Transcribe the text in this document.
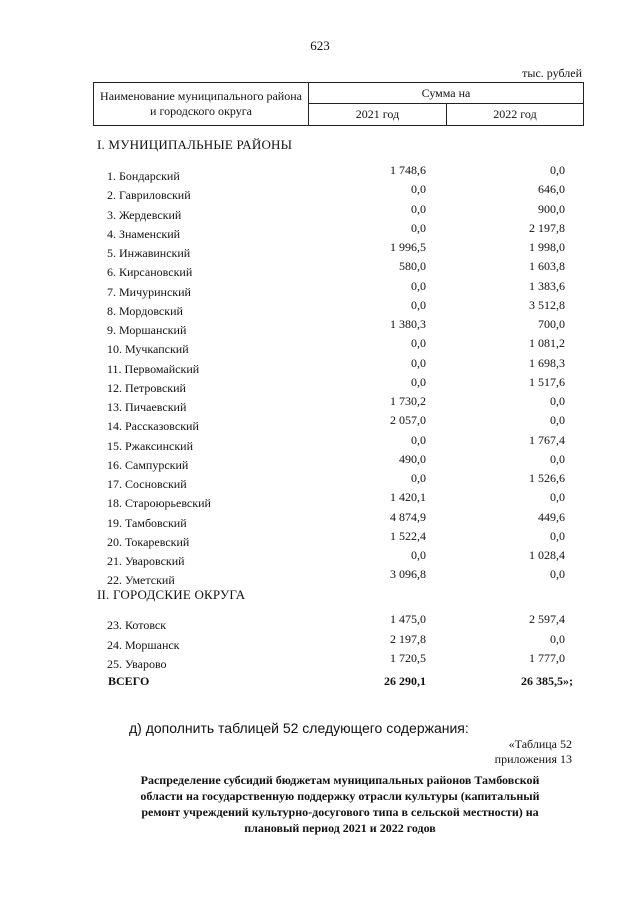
623
тыс. рублей
Наименование муниципального района и городского округа
Сумма на
2021 год	2022 год
I. МУНИЦИПАЛЬНЫЕ РАЙОНЫ
II. ГОРОДСКИЕ ОКРУГА
1. Бондарский	1 748,6	0,0
2. Гавриловский	0,0	646,0
3. Жердевский	0,0	900,0
4. Знаменский	0,0	2 197,8
5. Инжавинский	1 996,5	1 998,0
6. Кирсановский	580,0	1 603,8
7. Мичуринский	0,0	1 383,6
8. Мордовский	0,0	3 512,8
9. Моршанский	1 380,3	700,0
10. Мучкапский	0,0	1 081,2
11. Первомайский	0,0	1 698,3
12. Петровский	0,0	1 517,6
13. Пичаевский	1 730,2	0,0
14. Рассказовский	2 057,0	0,0
15. Ржаксинский	0,0	1 767,4
16. Сампурский	490,0	0,0
17. Сосновский	0,0	1 526,6
18. Староюрьевский	1 420,1	0,0
19. Тамбовский	4 874,9	449,6
20. Токаревский	1 522,4	0,0
21. Уваровский	0,0	1 028,4
22. Уметский	3 096,8	0,0
23. Котовск	1 475,0	2 597,4
24. Моршанск	2 197,8	0,0
25. Уварово	1 720,5	1 777,0
ВСЕГО	26 290,1	26 385,5»;
д) дополнить таблицей 52 следующего содержания:
«Таблица 52
приложения 13
Распределение субсидий бюджетам муниципальных районов Тамбовской области на государственную поддержку отрасли культуры (капитальный ремонт учреждений культурно-досугового типа в сельской местности) на плановый период 2021 и 2022 годов
